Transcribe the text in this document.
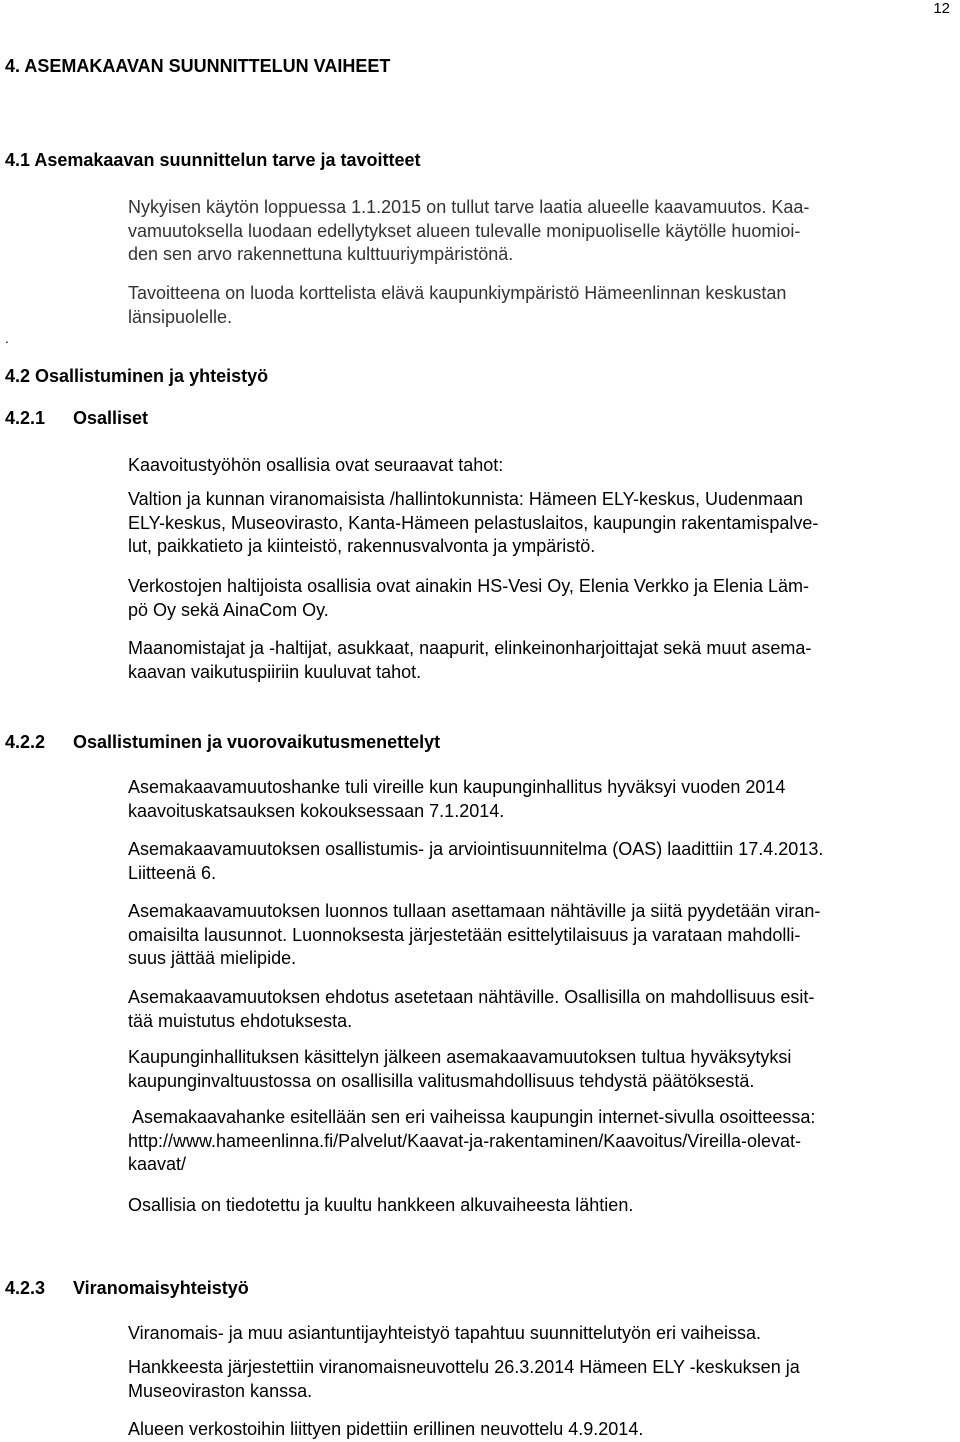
12
4. ASEMAKAAVAN SUUNNITTELUN VAIHEET
4.1 Asemakaavan suunnittelun tarve ja tavoitteet

Nykyisen käytön loppuessa 1.1.2015 on tullut tarve laatia alueelle kaavamuutos. Kaa-
vamuutoksella luodaan edellytykset alueen tulevalle monipuoliselle käytölle huomioi-
den sen arvo rakennettuna kulttuuriympäristönä.

Tavoitteena on luoda korttelista elävä kaupunkiympäristö Hämeenlinnan keskustan
länsipuolelle.

.
4.2 Osallistuminen ja yhteistyö
4.2.1 Osalliset

Kaavoitustyöhön osallisia ovat seuraavat tahot:

Valtion ja kunnan viranomaisista /hallintokunnista: Hämeen ELY-keskus, Uudenmaan
ELY-keskus, Museovirasto, Kanta-Hämeen pelastuslaitos, kaupungin rakentamispalve-
lut, paikkatieto ja kiinteistö, rakennusvalvonta ja ympäristö.

Verkostojen haltijoista osallisia ovat ainakin HS-Vesi Oy, Elenia Verkko ja Elenia Läm-
pö Oy sekä AinaCom Oy.

Maanomistajat ja -haltijat, asukkaat, naapurit, elinkeinonharjoittajat sekä muut asema-
kaavan vaikutuspiiriin kuuluvat tahot.

4.2.2 Osallistuminen ja vuorovaikutusmenettelyt

Asemakaavamuutoshanke tuli vireille kun kaupunginhallitus hyväksyi vuoden 2014
kaavoituskatsauksen kokouksessaan 7.1.2014.

Asemakaavamuutoksen osallistumis- ja arviointisuunnitelma (OAS) laadittiin 17.4.2013.
Liitteenä 6.

Asemakaavamuutoksen luonnos tullaan asettamaan nähtäville ja siitä pyydetään viran-
omaisilta lausunnot. Luonnoksesta järjestetään esittelytilaisuus ja varataan mahdolli-
suus jättää mielipide.

Asemakaavamuutoksen ehdotus asetetaan nähtäville. Osallisilla on mahdollisuus esit-
tää muistutus ehdotuksesta.

Kaupunginhallituksen käsittelyn jälkeen asemakaavamuutoksen tultua hyväksytyksi
kaupunginvaltuustossa on osallisilla valitusmahdollisuus tehdystä päätöksestä.

Asemakaavahanke esitellään sen eri vaiheissa kaupungin internet-sivulla osoitteessa:
http://www.hameenlinna.fi/Palvelut/Kaavat-ja-rakentaminen/Kaavoitus/Vireilla-olevat-
kaavat/

Osallisia on tiedotettu ja kuultu hankkeen alkuvaiheesta lähtien.

4.2.3 Viranomaisyhteistyö

Viranomais- ja muu asiantuntijayhteistyö tapahtuu suunnittelutyön eri vaiheissa.

Hankkeesta järjestettiin viranomaisneuvottelu 26.3.2014 Hämeen ELY -keskuksen ja
Museoviraston kanssa.

Alueen verkostoihin liittyen pidettiin erillinen neuvottelu 4.9.2014.
